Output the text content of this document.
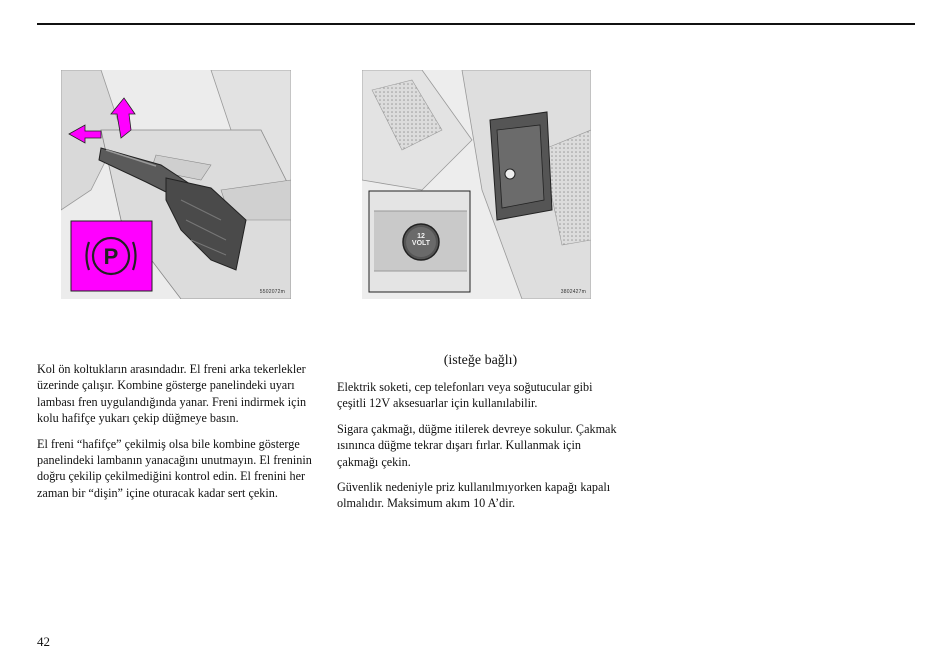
P
5502072m
12
VOLT
3802427m

Kol ön koltukların arasındadır. El freni arka tekerlekler üzerinde çalışır. Kombine gösterge panelindeki uyarı lambası fren uygulandığında yanar. Freni indirmek için kolu hafifçe yukarı çekip düğmeye basın.

El freni “hafifçe” çekilmiş olsa bile kombine gösterge panelindeki lambanın yanacağını unutmayın. El freninin doğru çekilip çekilmediğini kontrol edin. El frenini her zaman bir “dişin” içine oturacak kadar sert çekin.

(isteğe bağlı)

Elektrik soketi, cep telefonları veya soğutucular gibi çeşitli 12V aksesuarlar için kullanılabilir.

Sigara çakmağı, düğme itilerek devreye sokulur. Çakmak ısınınca düğme tekrar dışarı fırlar. Kullanmak için çakmağı çekin.

Güvenlik nedeniyle priz kullanılmıyorken kapağı kapalı olmalıdır. Maksimum akım 10 A’dir.

42
